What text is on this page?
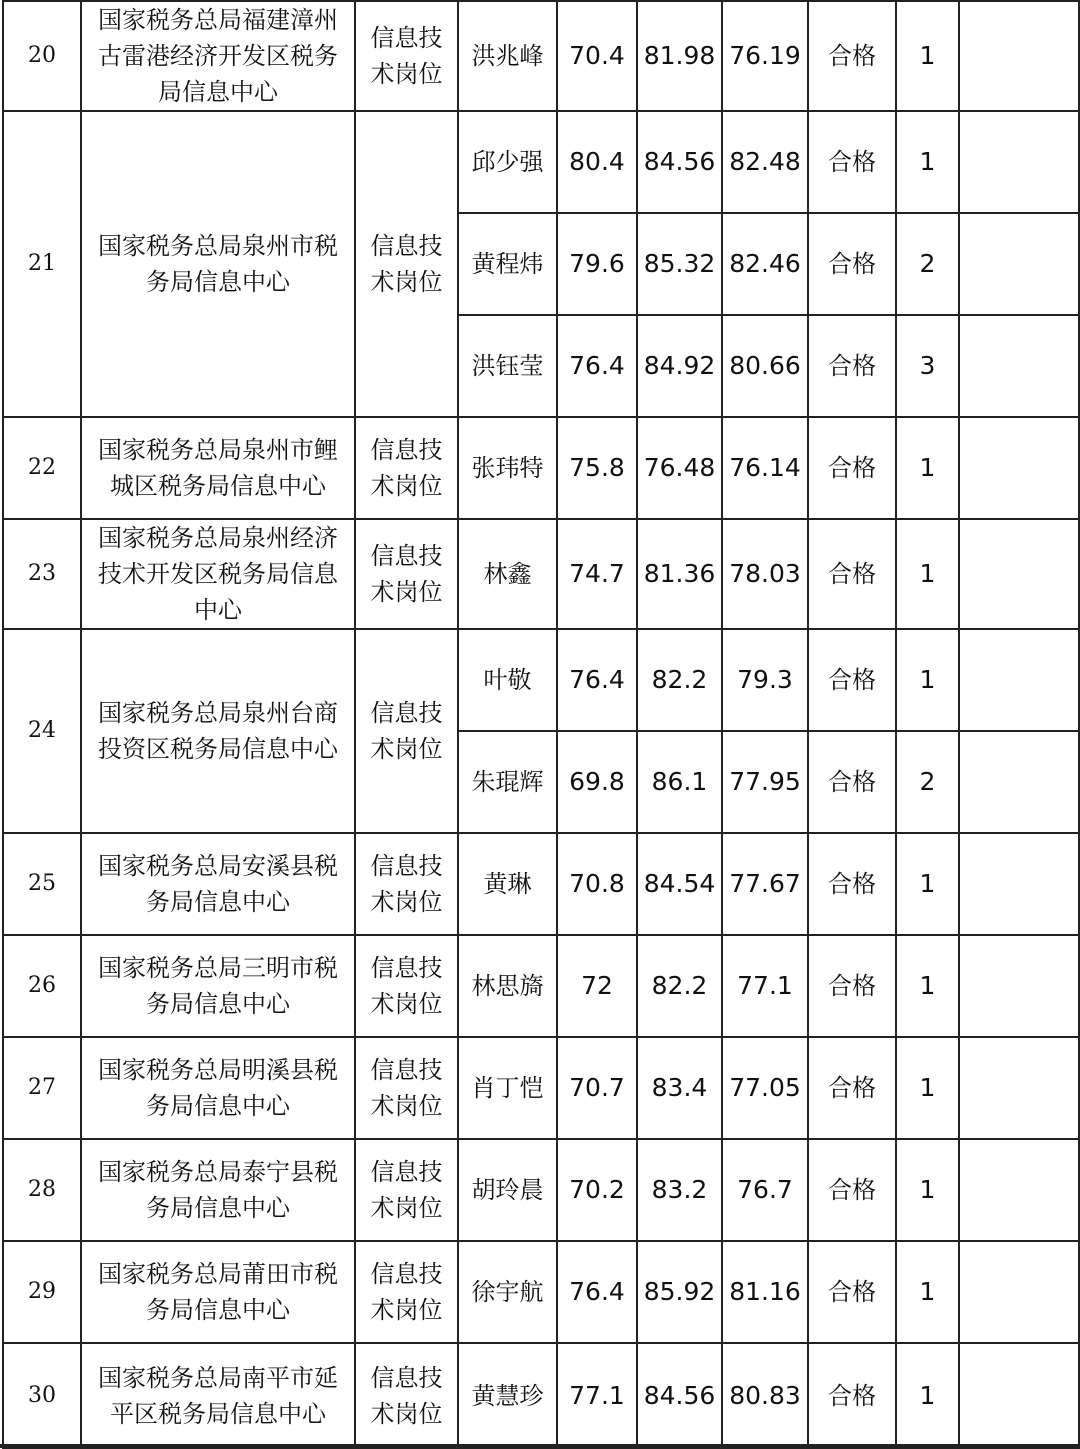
20	国家税务总局福建漳州古雷港经济开发区税务局信息中心	信息技术岗位	洪兆峰	70.4	81.98	76.19	合格	1	
21	国家税务总局泉州市税务局信息中心	信息技术岗位	邱少强	80.4	84.56	82.48	合格	1	
			黄程炜	79.6	85.32	82.46	合格	2	
			洪钰莹	76.4	84.92	80.66	合格	3	
22	国家税务总局泉州市鲤城区税务局信息中心	信息技术岗位	张玮特	75.8	76.48	76.14	合格	1	
23	国家税务总局泉州经济技术开发区税务局信息中心	信息技术岗位	林鑫	74.7	81.36	78.03	合格	1	
24	国家税务总局泉州台商投资区税务局信息中心	信息技术岗位	叶敬	76.4	82.2	79.3	合格	1	
			朱琨辉	69.8	86.1	77.95	合格	2	
25	国家税务总局安溪县税务局信息中心	信息技术岗位	黄琳	70.8	84.54	77.67	合格	1	
26	国家税务总局三明市税务局信息中心	信息技术岗位	林思旖	72	82.2	77.1	合格	1	
27	国家税务总局明溪县税务局信息中心	信息技术岗位	肖丁恺	70.7	83.4	77.05	合格	1	
28	国家税务总局泰宁县税务局信息中心	信息技术岗位	胡玲晨	70.2	83.2	76.7	合格	1	
29	国家税务总局莆田市税务局信息中心	信息技术岗位	徐宇航	76.4	85.92	81.16	合格	1	
30	国家税务总局南平市延平区税务局信息中心	信息技术岗位	黄慧珍	77.1	84.56	80.83	合格	1	
